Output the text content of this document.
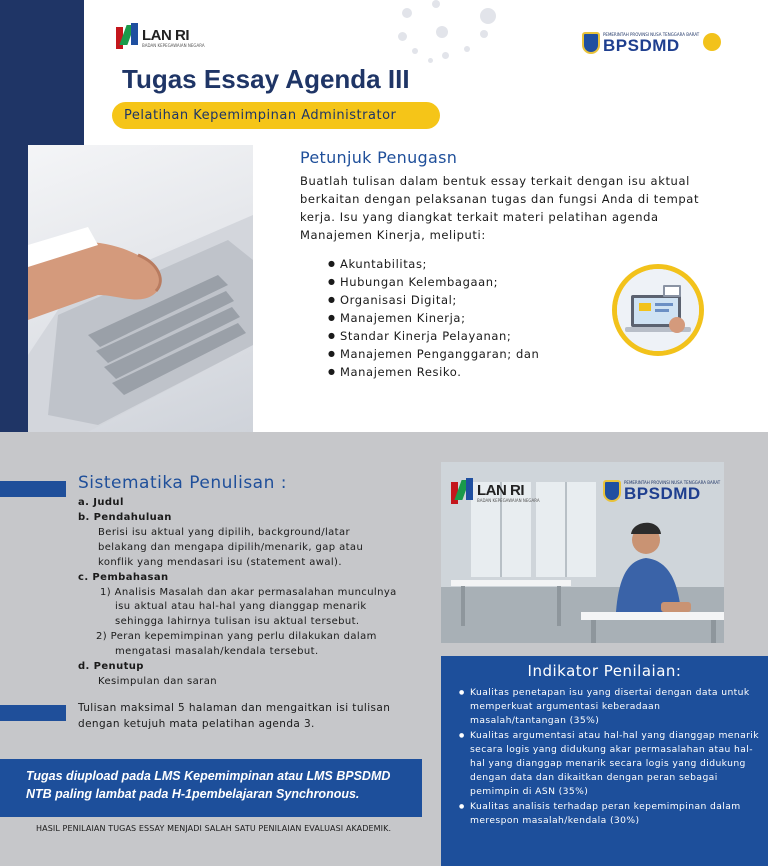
LAN RI
BADAN KEPEGAWAIAN NEGARA
PEMERINTAH PROVINSI NUSA TENGGARA BARAT
BPSDMD
Tugas Essay Agenda III
Pelatihan Kepemimpinan Administrator
Petunjuk Penugasn
Buatlah tulisan dalam bentuk essay terkait dengan isu aktual
berkaitan dengan pelaksanan tugas dan fungsi Anda di tempat
kerja. Isu yang diangkat terkait materi pelatihan agenda
Manajemen Kinerja, meliputi:
● Akuntabilitas;
● Hubungan Kelembagaan;
● Organisasi Digital;
● Manajemen Kinerja;
● Standar Kinerja Pelayanan;
● Manajemen Penganggaran; dan
● Manajemen Resiko.
Sistematika Penulisan :
a. Judul
b. Pendahuluan
Berisi isu aktual yang dipilih, background/latar
belakang dan mengapa dipilih/menarik, gap atau
konflik yang mendasari isu (statement awal).
c. Pembahasan
1) Analisis Masalah dan akar permasalahan munculnya
isu aktual atau hal-hal yang dianggap menarik
sehingga lahirnya tulisan isu aktual tersebut.
2) Peran kepemimpinan yang perlu dilakukan dalam
mengatasi masalah/kendala tersebut.
d. Penutup
Kesimpulan dan saran
Tulisan maksimal 5 halaman dan mengaitkan isi tulisan
dengan ketujuh mata pelatihan agenda 3.
LAN RI
BADAN KEPEGAWAIAN NEGARA
PEMERINTAH PROVINSI NUSA TENGGARA BARAT
BPSDMD
Indikator Penilaian:
● Kualitas penetapan isu yang disertai dengan data untuk memperkuat argumentasi keberadaan masalah/tantangan (35%)
● Kualitas argumentasi atau hal-hal yang dianggap menarik secara logis yang didukung akar permasalahan atau hal-hal yang dianggap menarik secara logis yang didukung dengan data dan dikaitkan dengan peran sebagai pemimpin di ASN (35%)
● Kualitas analisis terhadap peran kepemimpinan dalam merespon masalah/kendala (30%)
Tugas diupload pada LMS Kepemimpinan atau LMS BPSDMD
NTB paling lambat pada H-1pembelajaran Synchronous.
HASIL PENILAIAN TUGAS ESSAY MENJADI SALAH SATU PENILAIAN EVALUASI AKADEMIK.
